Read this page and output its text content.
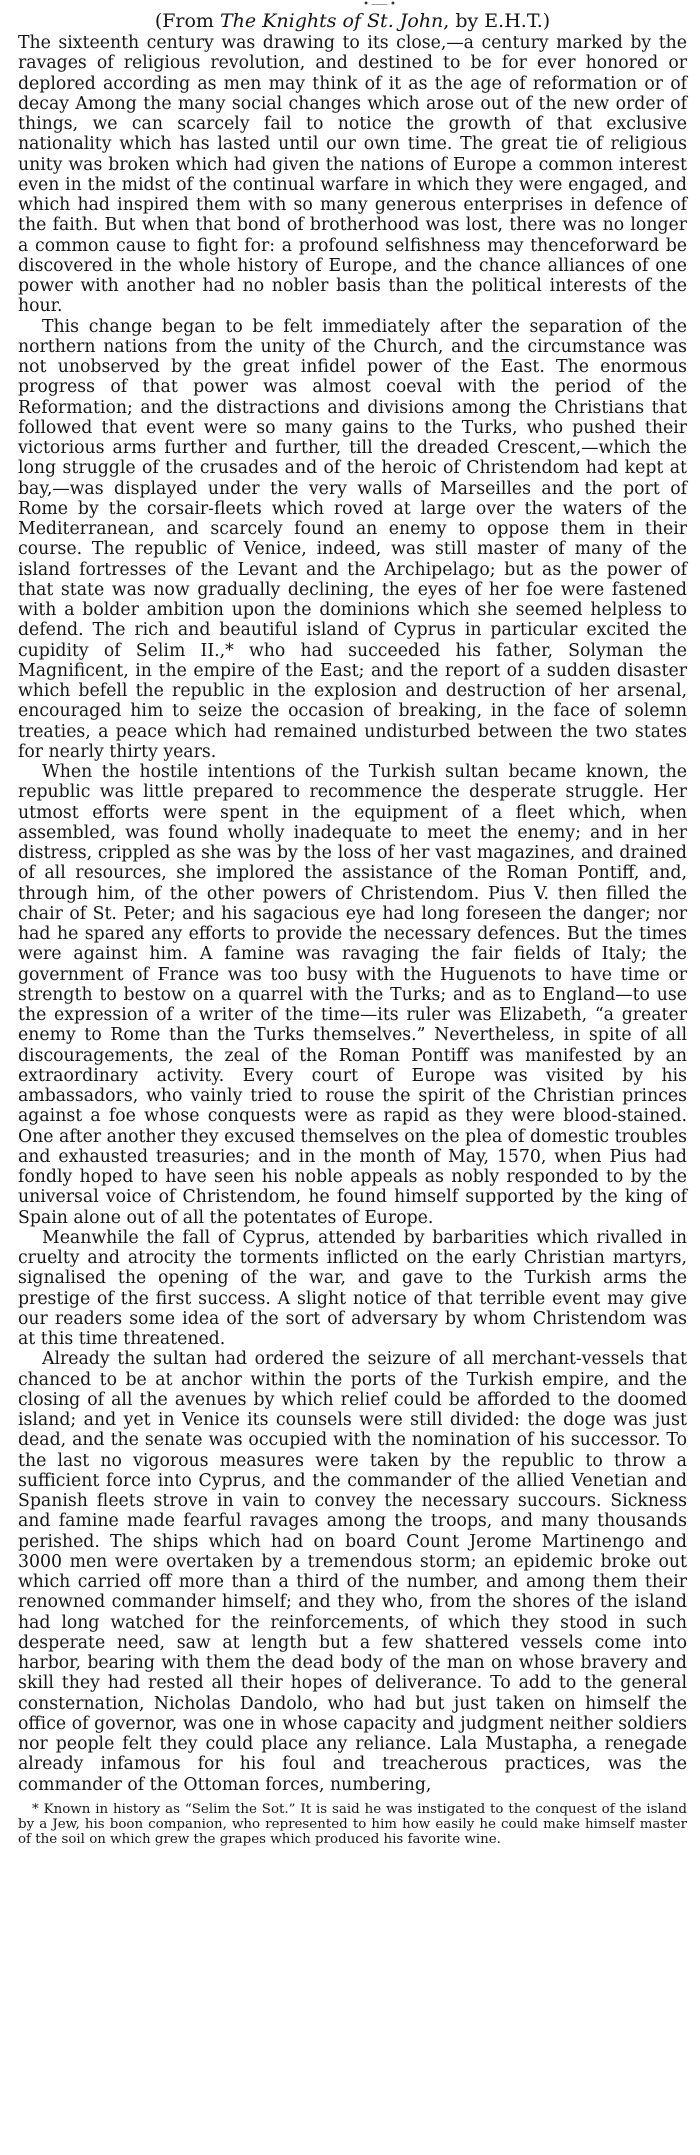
•⸺•
(From The Knights of St. John, by E.H.T.)

The sixteenth century was drawing to its close,—a century marked by the ravages of religious revolution, and destined to be for ever honored or deplored according as men may think of it as the age of reformation or of decay Among the many social changes which arose out of the new order of things, we can scarcely fail to notice the growth of that exclusive nationality which has lasted until our own time. The great tie of religious unity was broken which had given the nations of Europe a common interest even in the midst of the continual warfare in which they were engaged, and which had inspired them with so many generous enterprises in defence of the faith. But when that bond of brotherhood was lost, there was no longer a common cause to fight for: a profound selfishness may thenceforward be discovered in the whole history of Europe, and the chance alliances of one power with another had no nobler basis than the political interests of the hour.

This change began to be felt immediately after the separation of the northern nations from the unity of the Church, and the circumstance was not unobserved by the great infidel power of the East. The enormous progress of that power was almost coeval with the period of the Reformation; and the distractions and divisions among the Christians that followed that event were so many gains to the Turks, who pushed their victorious arms further and further, till the dreaded Crescent,—which the long struggle of the crusades and of the heroic of Christendom had kept at bay,—was displayed under the very walls of Marseilles and the port of Rome by the corsair-fleets which roved at large over the waters of the Mediterranean, and scarcely found an enemy to oppose them in their course. The republic of Venice, indeed, was still master of many of the island fortresses of the Levant and the Archipelago; but as the power of that state was now gradually declining, the eyes of her foe were fastened with a bolder ambition upon the dominions which she seemed helpless to defend. The rich and beautiful island of Cyprus in particular excited the cupidity of Selim II.,* who had succeeded his father, Solyman the Magnificent, in the empire of the East; and the report of a sudden disaster which befell the republic in the explosion and destruction of her arsenal, encouraged him to seize the occasion of breaking, in the face of solemn treaties, a peace which had remained undisturbed between the two states for nearly thirty years.

When the hostile intentions of the Turkish sultan became known, the republic was little prepared to recommence the desperate struggle. Her utmost efforts were spent in the equipment of a fleet which, when assembled, was found wholly inadequate to meet the enemy; and in her distress, crippled as she was by the loss of her vast magazines, and drained of all resources, she implored the assistance of the Roman Pontiff, and, through him, of the other powers of Christendom. Pius V. then filled the chair of St. Peter; and his sagacious eye had long foreseen the danger; nor had he spared any efforts to provide the necessary defences. But the times were against him. A famine was ravaging the fair fields of Italy; the government of France was too busy with the Huguenots to have time or strength to bestow on a quarrel with the Turks; and as to England—to use the expression of a writer of the time—its ruler was Elizabeth, “a greater enemy to Rome than the Turks themselves.” Nevertheless, in spite of all discouragements, the zeal of the Roman Pontiff was manifested by an extraordinary activity. Every court of Europe was visited by his ambassadors, who vainly tried to rouse the spirit of the Christian princes against a foe whose conquests were as rapid as they were blood-stained. One after another they excused themselves on the plea of domestic troubles and exhausted treasuries; and in the month of May, 1570, when Pius had fondly hoped to have seen his noble appeals as nobly responded to by the universal voice of Christendom, he found himself supported by the king of Spain alone out of all the potentates of Europe.

Meanwhile the fall of Cyprus, attended by barbarities which rivalled in cruelty and atrocity the torments inflicted on the early Christian martyrs, signalised the opening of the war, and gave to the Turkish arms the prestige of the first success. A slight notice of that terrible event may give our readers some idea of the sort of adversary by whom Christendom was at this time threatened.

Already the sultan had ordered the seizure of all merchant-vessels that chanced to be at anchor within the ports of the Turkish empire, and the closing of all the avenues by which relief could be afforded to the doomed island; and yet in Venice its counsels were still divided: the doge was just dead, and the senate was occupied with the nomination of his successor. To the last no vigorous measures were taken by the republic to throw a sufficient force into Cyprus, and the commander of the allied Venetian and Spanish fleets strove in vain to convey the necessary succours. Sickness and famine made fearful ravages among the troops, and many thousands perished. The ships which had on board Count Jerome Martinengo and 3000 men were overtaken by a tremendous storm; an epidemic broke out which carried off more than a third of the number, and among them their renowned commander himself; and they who, from the shores of the island had long watched for the reinforcements, of which they stood in such desperate need, saw at length but a few shattered vessels come into harbor, bearing with them the dead body of the man on whose bravery and skill they had rested all their hopes of deliverance. To add to the general consternation, Nicholas Dandolo, who had but just taken on himself the office of governor, was one in whose capacity and judgment neither soldiers nor people felt they could place any reliance. Lala Mustapha, a renegade already infamous for his foul and treacherous practices, was the commander of the Ottoman forces, numbering,

* Known in history as “Selim the Sot.” It is said he was instigated to the conquest of the island by a Jew, his boon companion, who represented to him how easily he could make himself master of the soil on which grew the grapes which produced his favorite wine.
